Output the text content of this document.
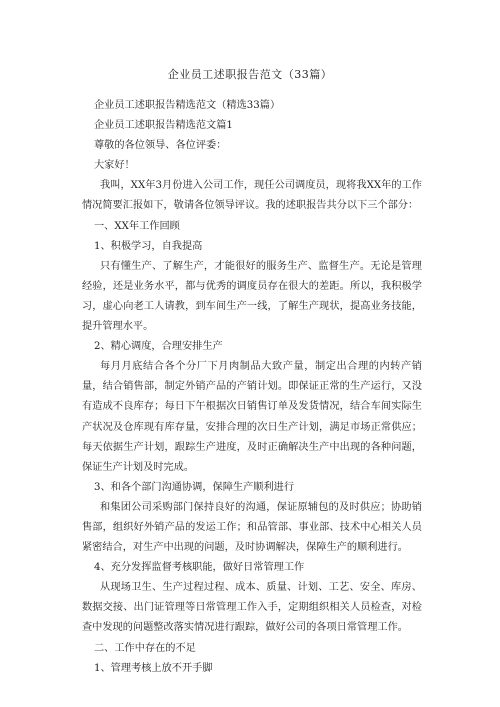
企业员工述职报告范文（33篇）

企业员工述职报告精选范文（精选33篇）

企业员工述职报告精选范文篇1

尊敬的各位领导、各位评委：

大家好！

我叫，XX年3月份进入公司工作，现任公司调度员，现将我XX年的工作情况简要汇报如下，敬请各位领导评议。我的述职报告共分以下三个部分：

一、XX年工作回顾

1、积极学习，自我提高

只有懂生产、了解生产，才能很好的服务生产、监督生产。无论是管理经验，还是业务水平，都与优秀的调度员存在很大的差距。所以，我积极学习，虚心向老工人请教，到车间生产一线，了解生产现状，提高业务技能，提升管理水平。

2、精心调度，合理安排生产

每月月底结合各个分厂下月肉制品大致产量，制定出合理的内转产销量，结合销售部，制定外销产品的产销计划。即保证正常的生产运行，又没有造成不良库存；每日下午根据次日销售订单及发货情况，结合车间实际生产状况及仓库现有库存量，安排合理的次日生产计划，满足市场正常供应；每天依据生产计划，跟踪生产进度，及时正确解决生产中出现的各种问题，保证生产计划及时完成。

3、和各个部门沟通协调，保障生产顺利进行

和集团公司采购部门保持良好的沟通，保证原辅包的及时供应；协助销售部，组织好外销产品的发运工作；和品管部、事业部、技术中心相关人员紧密结合，对生产中出现的问题，及时协调解决，保障生产的顺利进行。

4、充分发挥监督考核职能，做好日常管理工作

从现场卫生、生产过程过程、成本、质量、计划、工艺、安全、库房、数据交接、出门证管理等日常管理工作入手，定期组织相关人员检查，对检查中发现的问题整改落实情况进行跟踪，做好公司的各项日常管理工作。

二、工作中存在的不足

1、管理考核上放不开手脚
